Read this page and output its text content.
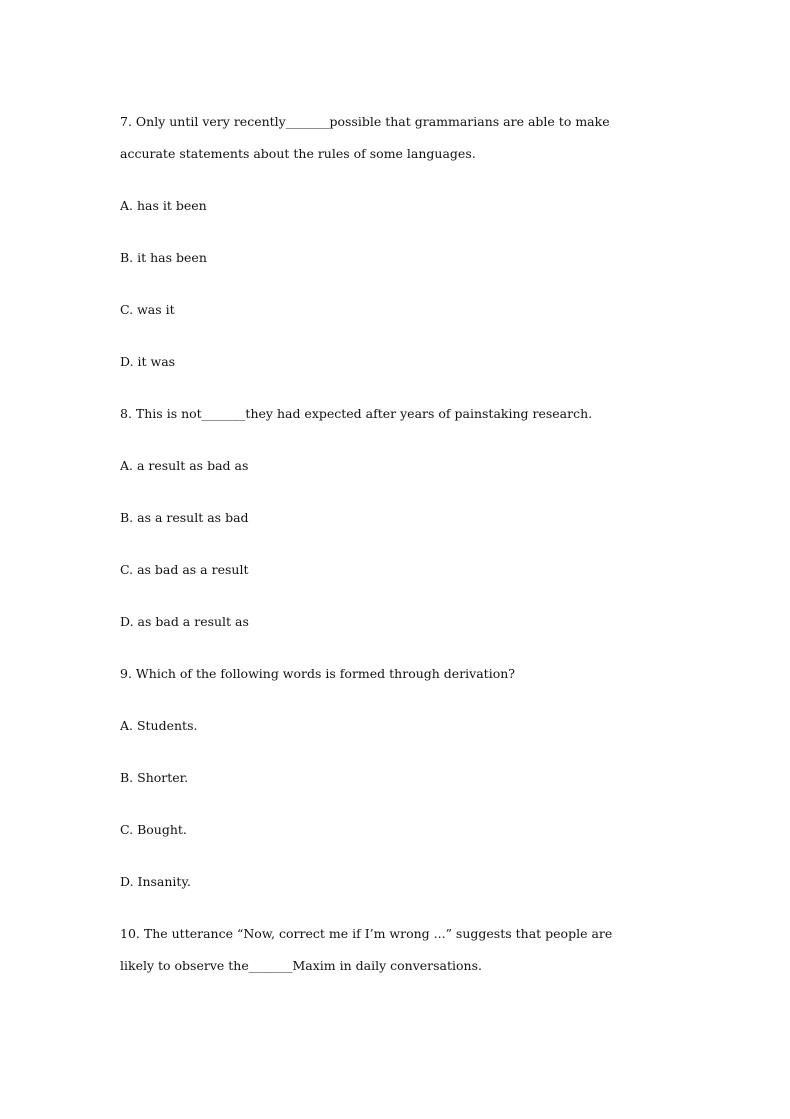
7. Only until very recently_______possible that grammarians are able to make
accurate statements about the rules of some languages.
A. has it been
B. it has been
C. was it
D. it was
8. This is not_______they had expected after years of painstaking research.
A. a result as bad as
B. as a result as bad
C. as bad as a result
D. as bad a result as
9. Which of the following words is formed through derivation?
A. Students.
B. Shorter.
C. Bought.
D. Insanity.
10. The utterance “Now, correct me if I’m wrong ...” suggests that people are
likely to observe the_______Maxim in daily conversations.
